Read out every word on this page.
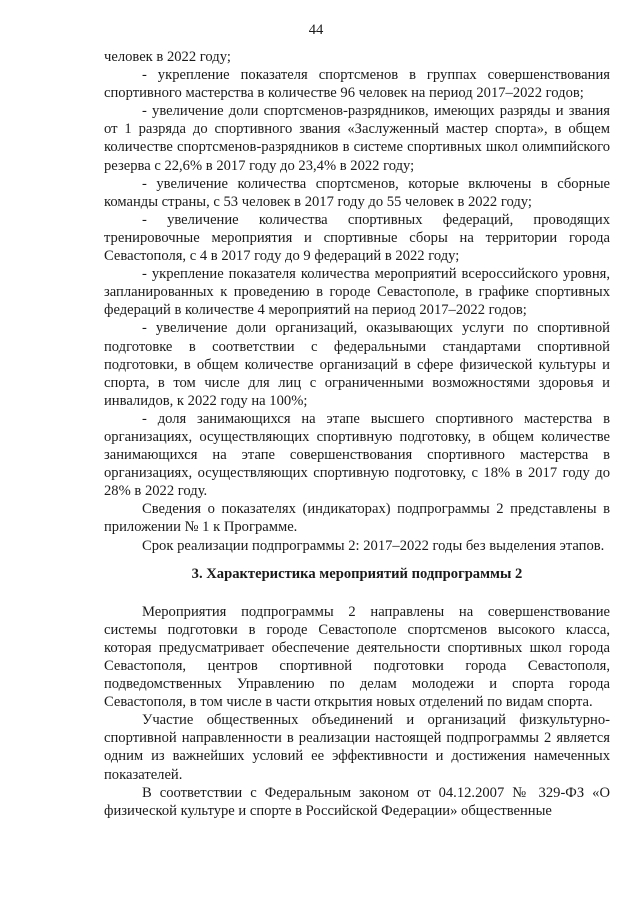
44

человек в 2022 году;

- укрепление показателя спортсменов в группах совершенствования спортивного мастерства в количестве 96 человек на период 2017–2022 годов;

- увеличение доли спортсменов-разрядников, имеющих разряды и звания от 1 разряда до спортивного звания «Заслуженный мастер спорта», в общем количестве спортсменов-разрядников в системе спортивных школ олимпийского резерва с 22,6% в 2017 году до 23,4% в 2022 году;

- увеличение количества спортсменов, которые включены в сборные команды страны, с 53 человек в 2017 году до 55 человек в 2022 году;

- увеличение количества спортивных федераций, проводящих тренировочные мероприятия и спортивные сборы на территории города Севастополя, с 4 в 2017 году до 9 федераций в 2022 году;

- укрепление показателя количества мероприятий всероссийского уровня, запланированных к проведению в городе Севастополе, в графике спортивных федераций в количестве 4 мероприятий на период 2017–2022 годов;

- увеличение доли организаций, оказывающих услуги по спортивной подготовке в соответствии с федеральными стандартами спортивной подготовки, в общем количестве организаций в сфере физической культуры и спорта, в том числе для лиц с ограниченными возможностями здоровья и инвалидов, к 2022 году на 100%;

- доля занимающихся на этапе высшего спортивного мастерства в организациях, осуществляющих спортивную подготовку, в общем количестве занимающихся на этапе совершенствования спортивного мастерства в организациях, осуществляющих спортивную подготовку, с 18% в 2017 году до 28% в 2022 году.

Сведения о показателях (индикаторах) подпрограммы 2 представлены в приложении № 1 к Программе.

Срок реализации подпрограммы 2: 2017–2022 годы без выделения этапов.

3. Характеристика мероприятий подпрограммы 2

Мероприятия подпрограммы 2 направлены на совершенствование системы подготовки в городе Севастополе спортсменов высокого класса, которая предусматривает обеспечение деятельности спортивных школ города Севастополя, центров спортивной подготовки города Севастополя, подведомственных Управлению по делам молодежи и спорта города Севастополя, в том числе в части открытия новых отделений по видам спорта.

Участие общественных объединений и организаций физкультурно-спортивной направленности в реализации настоящей подпрограммы 2 является одним из важнейших условий ее эффективности и достижения намеченных показателей.

В соответствии с Федеральным законом от 04.12.2007 № 329-ФЗ «О физической культуре и спорте в Российской Федерации» общественные
